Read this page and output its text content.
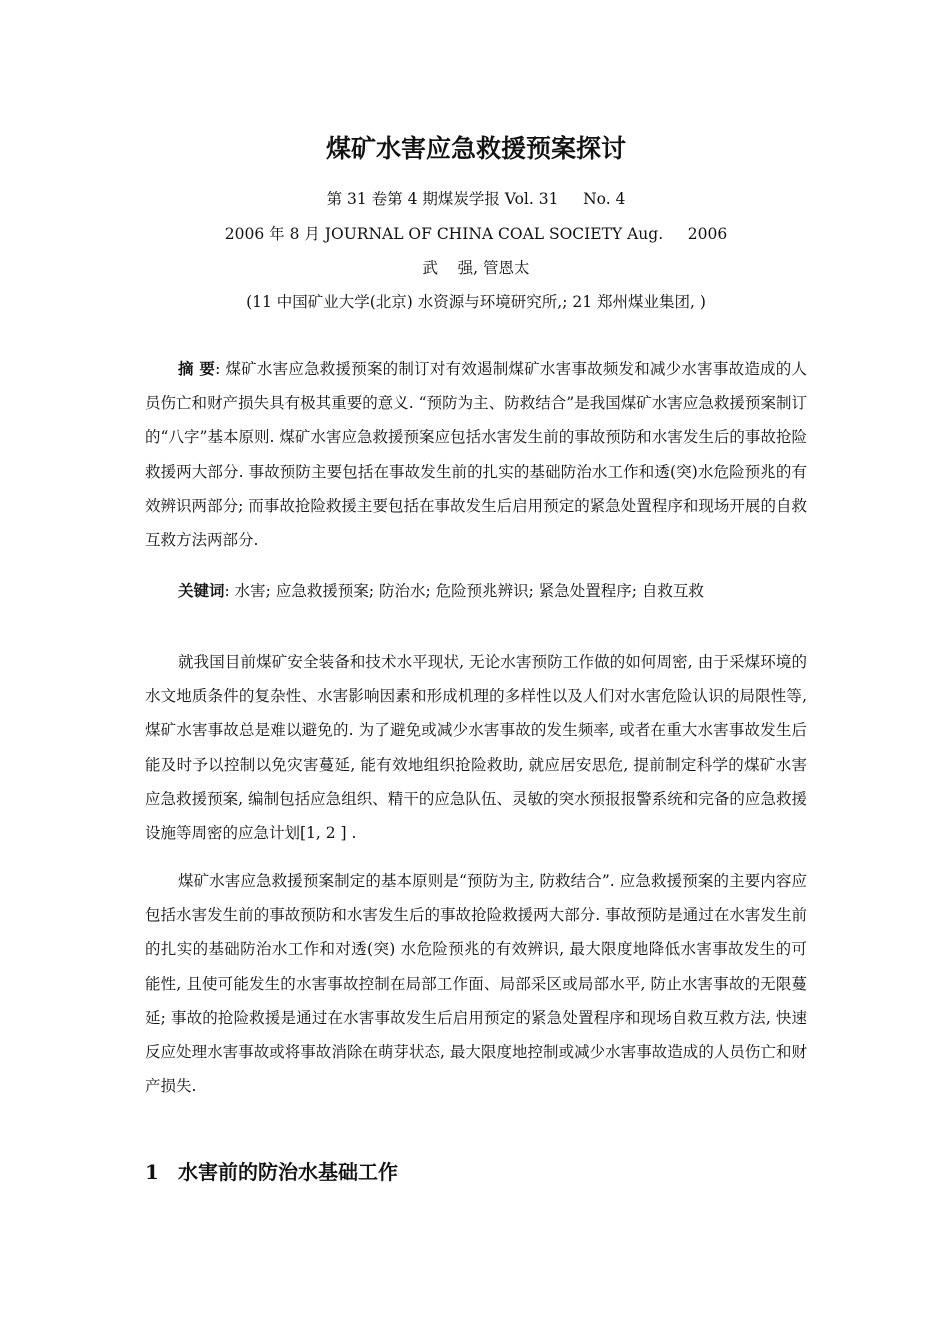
煤矿水害应急救援预案探讨
第 31 卷第 4 期煤炭学报 Vol. 31     No. 4
2006 年 8 月 JOURNAL OF CHINA COAL SOCIETY Aug.     2006
武    强, 管恩太
(11 中国矿业大学(北京) 水资源与环境研究所,; 21 郑州煤业集团, )

摘 要: 煤矿水害应急救援预案的制订对有效遏制煤矿水害事故频发和减少水害事故造成的人员伤亡和财产损失具有极其重要的意义. “预防为主、防救结合”是我国煤矿水害应急救援预案制订的“八字”基本原则. 煤矿水害应急救援预案应包括水害发生前的事故预防和水害发生后的事故抢险救援两大部分. 事故预防主要包括在事故发生前的扎实的基础防治水工作和透(突)水危险预兆的有效辨识两部分; 而事故抢险救援主要包括在事故发生后启用预定的紧急处置程序和现场开展的自救互救方法两部分.

关键词: 水害; 应急救援预案; 防治水; 危险预兆辨识; 紧急处置程序; 自救互救

就我国目前煤矿安全装备和技术水平现状, 无论水害预防工作做的如何周密, 由于采煤环境的水文地质条件的复杂性、水害影响因素和形成机理的多样性以及人们对水害危险认识的局限性等, 煤矿水害事故总是难以避免的. 为了避免或减少水害事故的发生频率, 或者在重大水害事故发生后能及时予以控制以免灾害蔓延, 能有效地组织抢险救助, 就应居安思危, 提前制定科学的煤矿水害应急救援预案, 编制包括应急组织、精干的应急队伍、灵敏的突水预报报警系统和完备的应急救援设施等周密的应急计划[1, 2 ] .

煤矿水害应急救援预案制定的基本原则是“预防为主, 防救结合”. 应急救援预案的主要内容应包括水害发生前的事故预防和水害发生后的事故抢险救援两大部分. 事故预防是通过在水害发生前的扎实的基础防治水工作和对透(突) 水危险预兆的有效辨识, 最大限度地降低水害事故发生的可能性, 且使可能发生的水害事故控制在局部工作面、局部采区或局部水平, 防止水害事故的无限蔓延; 事故的抢险救援是通过在水害事故发生后启用预定的紧急处置程序和现场自救互救方法, 快速反应处理水害事故或将事故消除在萌芽状态, 最大限度地控制或减少水害事故造成的人员伤亡和财产损失.

1 水害前的防治水基础工作
